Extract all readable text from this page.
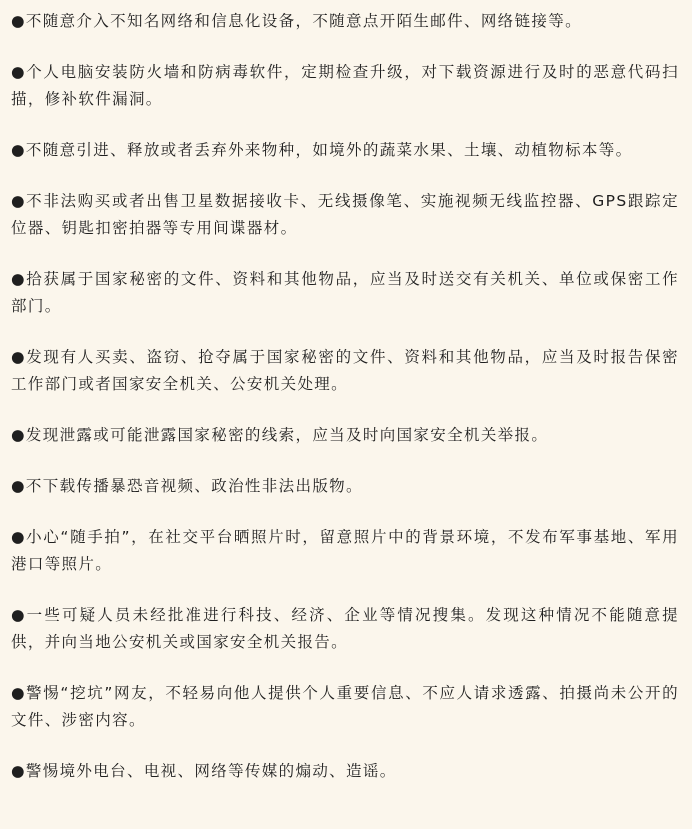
●不随意介入不知名网络和信息化设备，不随意点开陌生邮件、网络链接等。

●个人电脑安装防火墙和防病毒软件，定期检查升级，对下载资源进行及时的恶意代码扫描，修补软件漏洞。

●不随意引进、释放或者丢弃外来物种，如境外的蔬菜水果、土壤、动植物标本等。

●不非法购买或者出售卫星数据接收卡、无线摄像笔、实施视频无线监控器、GPS跟踪定位器、钥匙扣密拍器等专用间谍器材。

●拾获属于国家秘密的文件、资料和其他物品，应当及时送交有关机关、单位或保密工作部门。

●发现有人买卖、盗窃、抢夺属于国家秘密的文件、资料和其他物品，应当及时报告保密工作部门或者国家安全机关、公安机关处理。

●发现泄露或可能泄露国家秘密的线索，应当及时向国家安全机关举报。

●不下载传播暴恐音视频、政治性非法出版物。

●小心“随手拍”，在社交平台晒照片时，留意照片中的背景环境，不发布军事基地、军用港口等照片。

●一些可疑人员未经批准进行科技、经济、企业等情况搜集。发现这种情况不能随意提供，并向当地公安机关或国家安全机关报告。

●警惕“挖坑”网友，不轻易向他人提供个人重要信息、不应人请求透露、拍摄尚未公开的文件、涉密内容。

●警惕境外电台、电视、网络等传媒的煽动、造谣。
